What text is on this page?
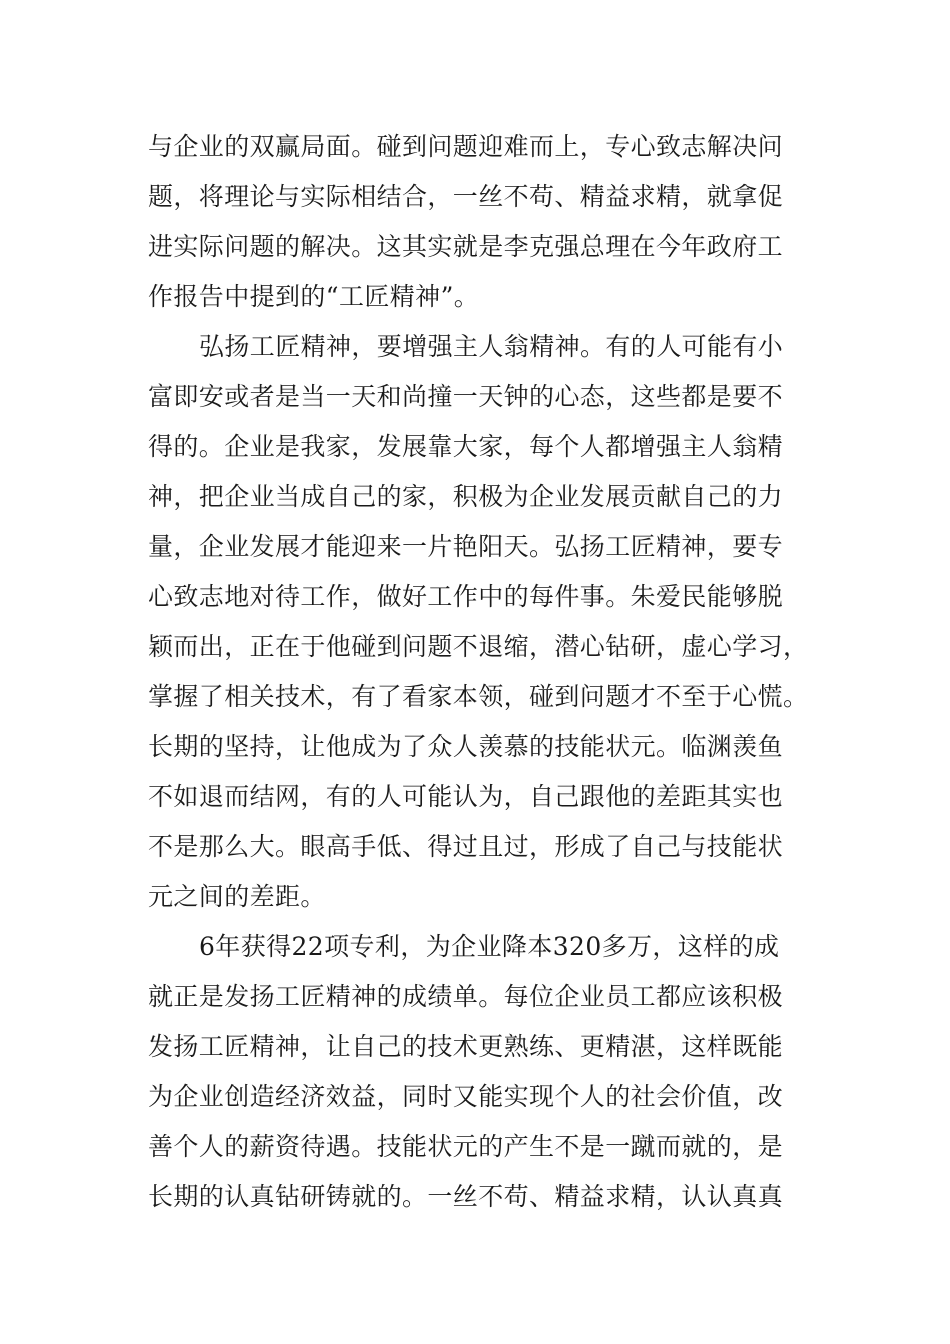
与企业的双赢局面。碰到问题迎难而上，专心致志解决问
题，将理论与实际相结合，一丝不苟、精益求精，就拿促
进实际问题的解决。这其实就是李克强总理在今年政府工
作报告中提到的“工匠精神”。
弘扬工匠精神，要增强主人翁精神。有的人可能有小
富即安或者是当一天和尚撞一天钟的心态，这些都是要不
得的。企业是我家，发展靠大家，每个人都增强主人翁精
神，把企业当成自己的家，积极为企业发展贡献自己的力
量，企业发展才能迎来一片艳阳天。弘扬工匠精神，要专
心致志地对待工作，做好工作中的每件事。朱爱民能够脱
颖而出，正在于他碰到问题不退缩，潜心钻研，虚心学习，
掌握了相关技术，有了看家本领，碰到问题才不至于心慌。
长期的坚持，让他成为了众人羡慕的技能状元。临渊羡鱼
不如退而结网，有的人可能认为，自己跟他的差距其实也
不是那么大。眼高手低、得过且过，形成了自己与技能状
元之间的差距。
6年获得22项专利，为企业降本320多万，这样的成
就正是发扬工匠精神的成绩单。每位企业员工都应该积极
发扬工匠精神，让自己的技术更熟练、更精湛，这样既能
为企业创造经济效益，同时又能实现个人的社会价值，改
善个人的薪资待遇。技能状元的产生不是一蹴而就的，是
长期的认真钻研铸就的。一丝不苟、精益求精，认认真真
